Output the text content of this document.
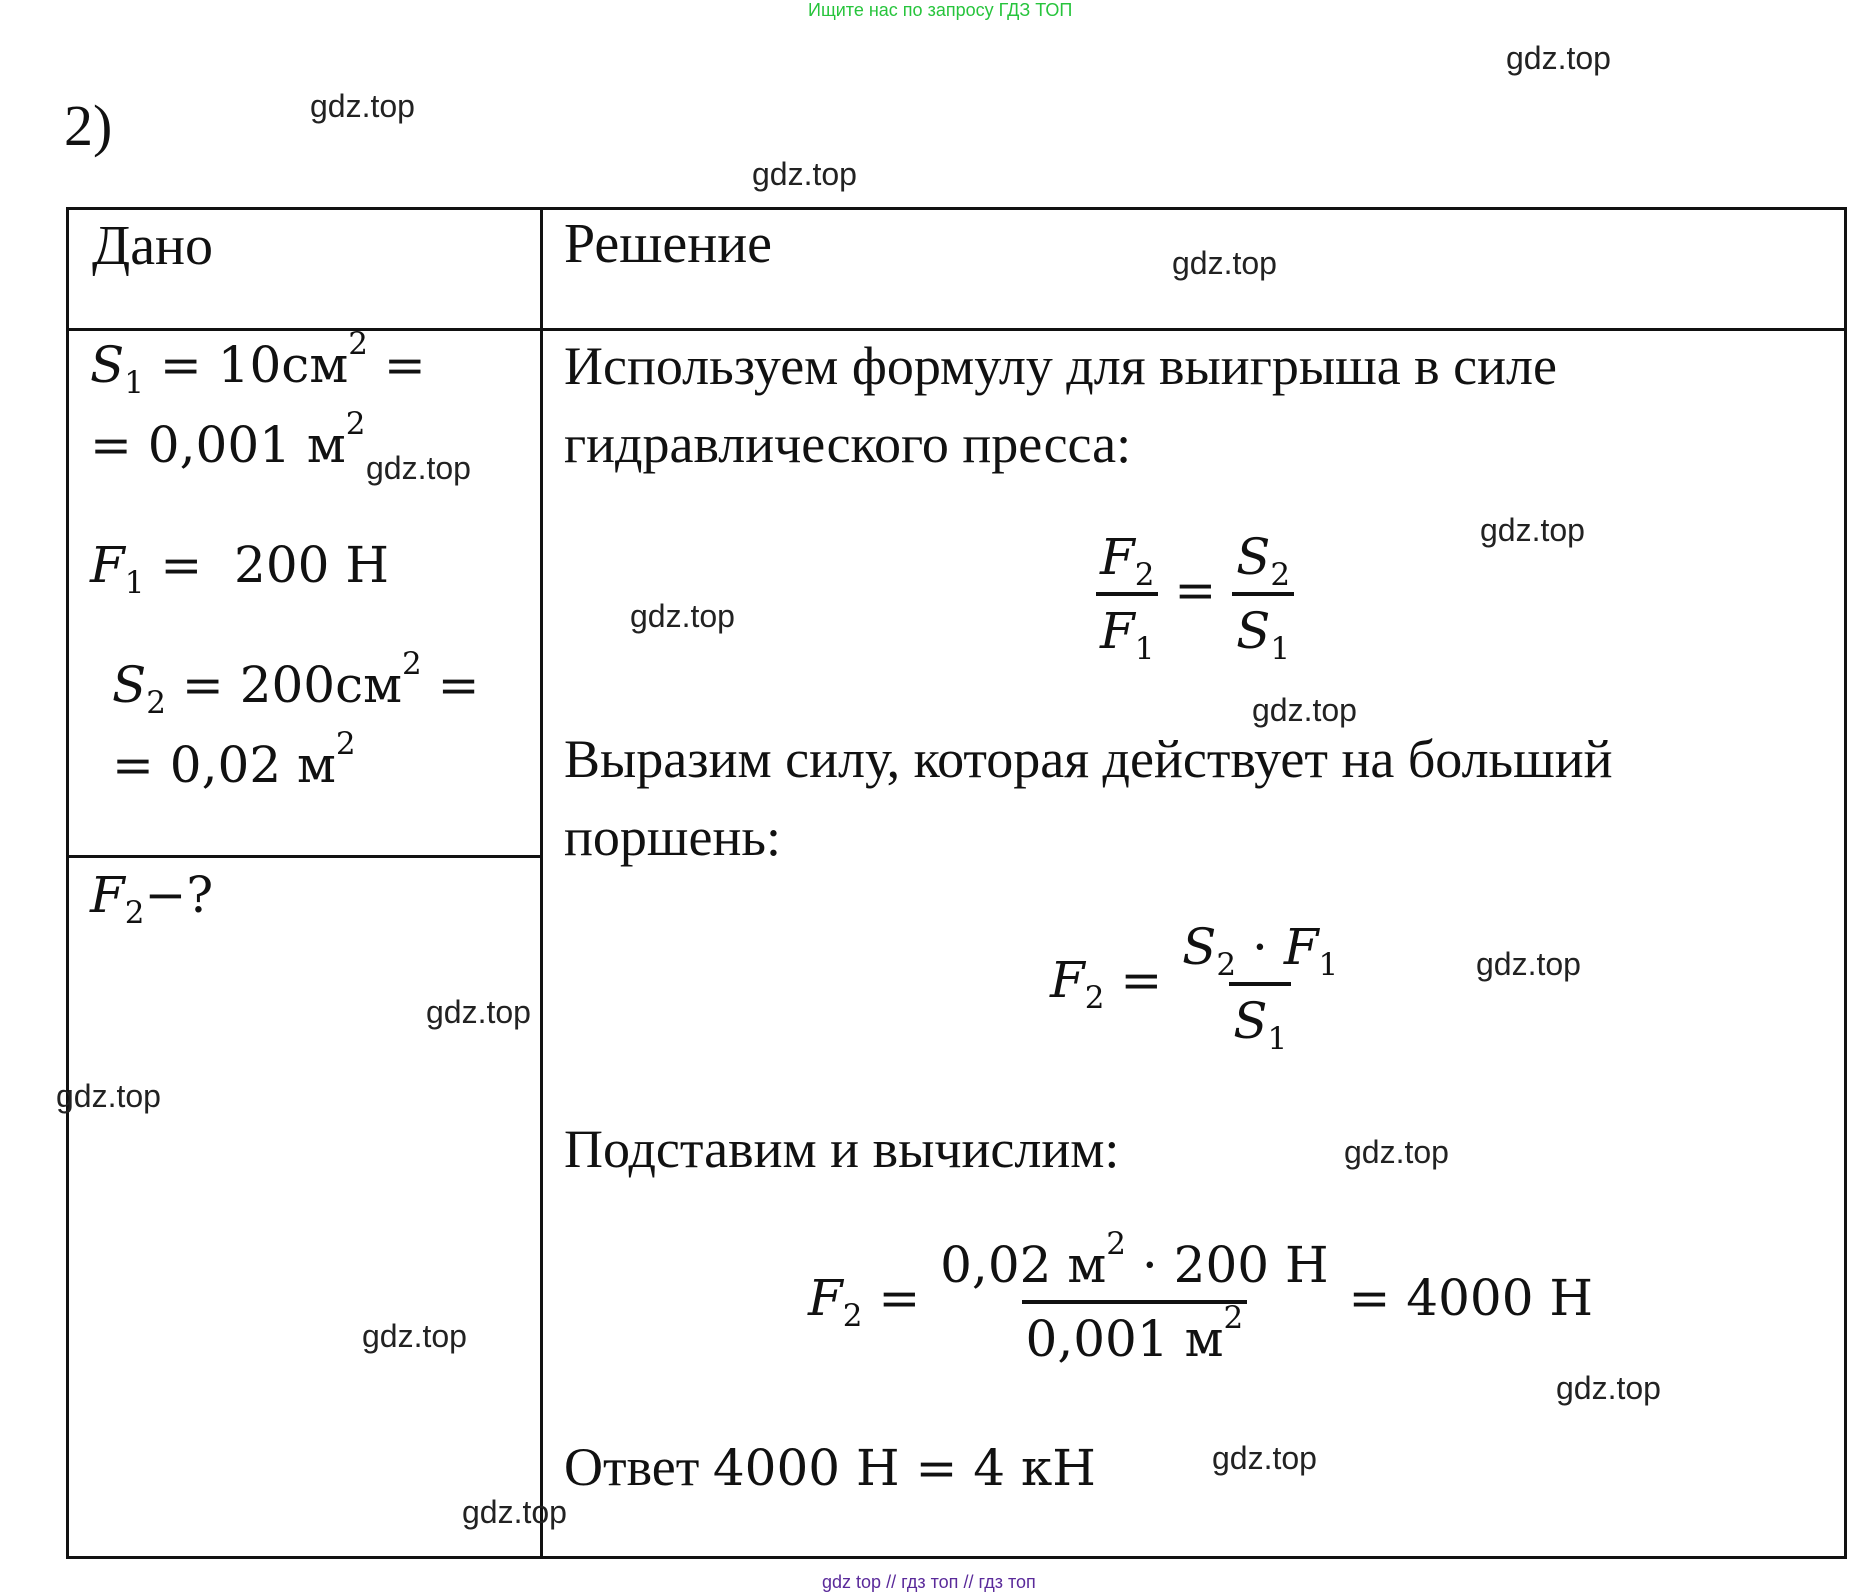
Ищите нас по запросу ГДЗ ТОП
2)
Дано	Решение
$S_1 = 10см^2$ =
= 0,001 $м^2$
$F_1 = 200$ Н
$S_2 = 200см^2$ =
= 0,02 $м^2$
$F_2-$?
Используем формулу для выигрыша в силе
гидравлического пресса:
$\frac{F_2}{F_1} = \frac{S_2}{S_1}$
Выразим силу, которая действует на больший
поршень:
$F_2 = \frac{S_2 \cdot F_1}{S_1}$
Подставим и вычислим:
$F_2 = \frac{0,02 м^2 \cdot 200 Н}{0,001 м^2} = 4000$ Н
Ответ 4000 Н = 4 кН
gdz.top
gdz.top
gdz.top
gdz.top
gdz.top
gdz.top
gdz.top
gdz.top
gdz.top
gdz.top
gdz.top
gdz.top
gdz.top
gdz.top
gdz.top
gdz.top
gdz top // гдз топ // гдз топ
